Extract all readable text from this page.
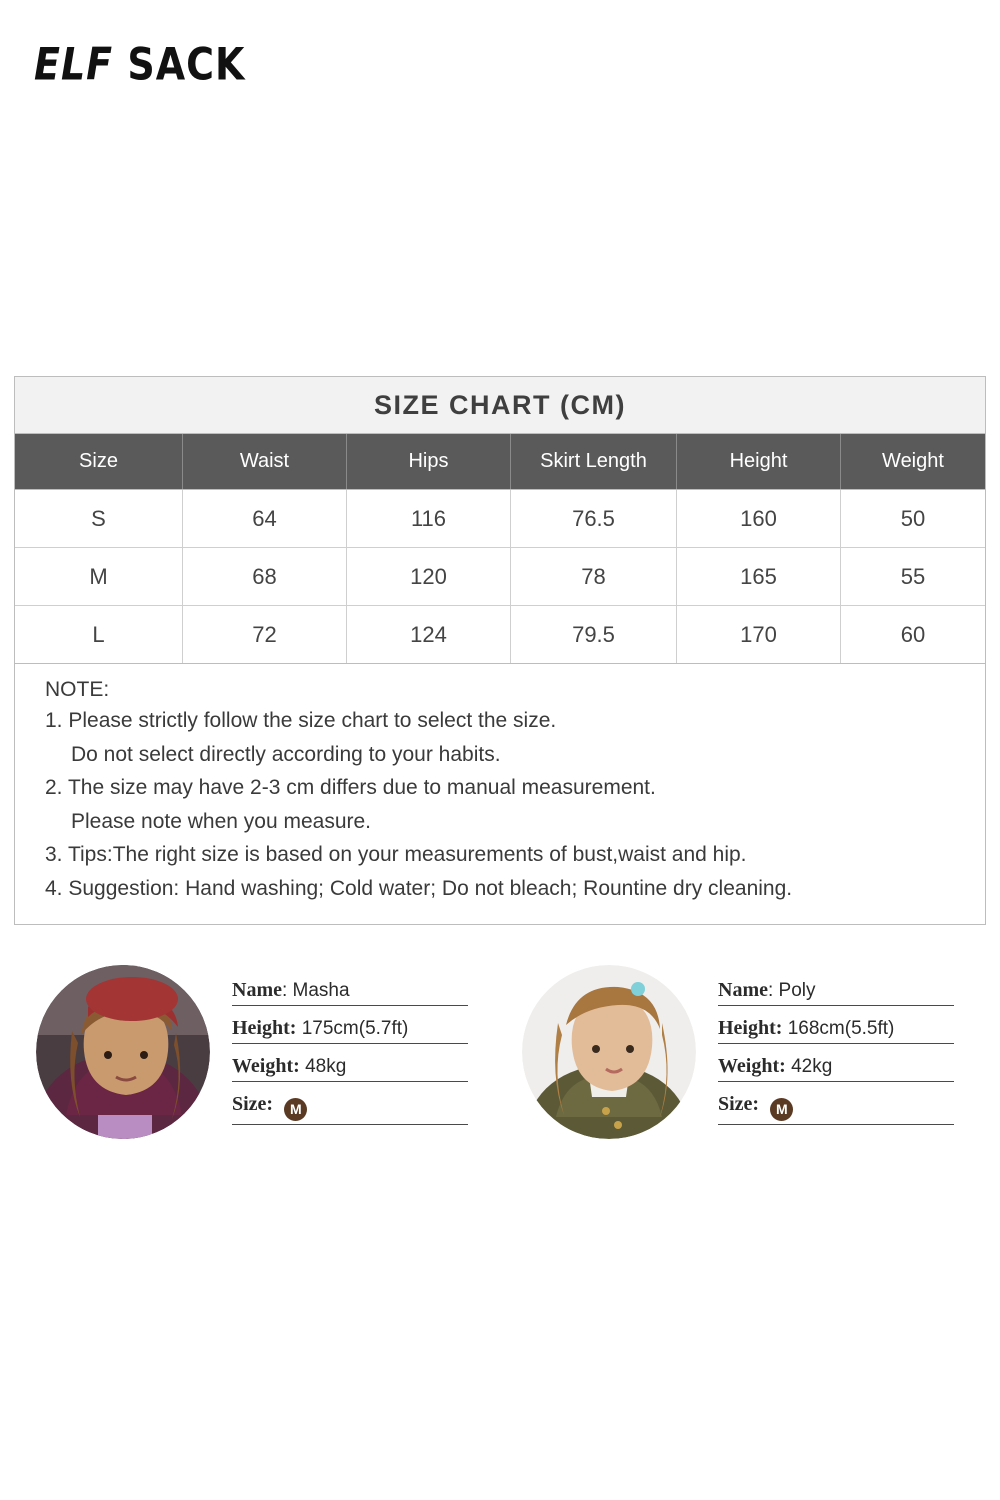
ELF SACK
SIZE CHART (CM)
Size	Waist	Hips	Skirt Length	Height	Weight
S	64	116	76.5	160	50
M	68	120	78	165	55
L	72	124	79.5	170	60
NOTE:
1. Please strictly follow the size chart to select the size.
Do not select directly according to your habits.
2. The size may have 2-3 cm differs due to manual measurement.
Please note when you measure.
3. Tips:The right size is based on your measurements of bust,waist and hip.
4. Suggestion: Hand washing; Cold water; Do not bleach; Rountine dry cleaning.
Name: Masha
Height: 175cm(5.7ft)
Weight: 48kg
Size: M
Name: Poly
Height: 168cm(5.5ft)
Weight: 42kg
Size: M
